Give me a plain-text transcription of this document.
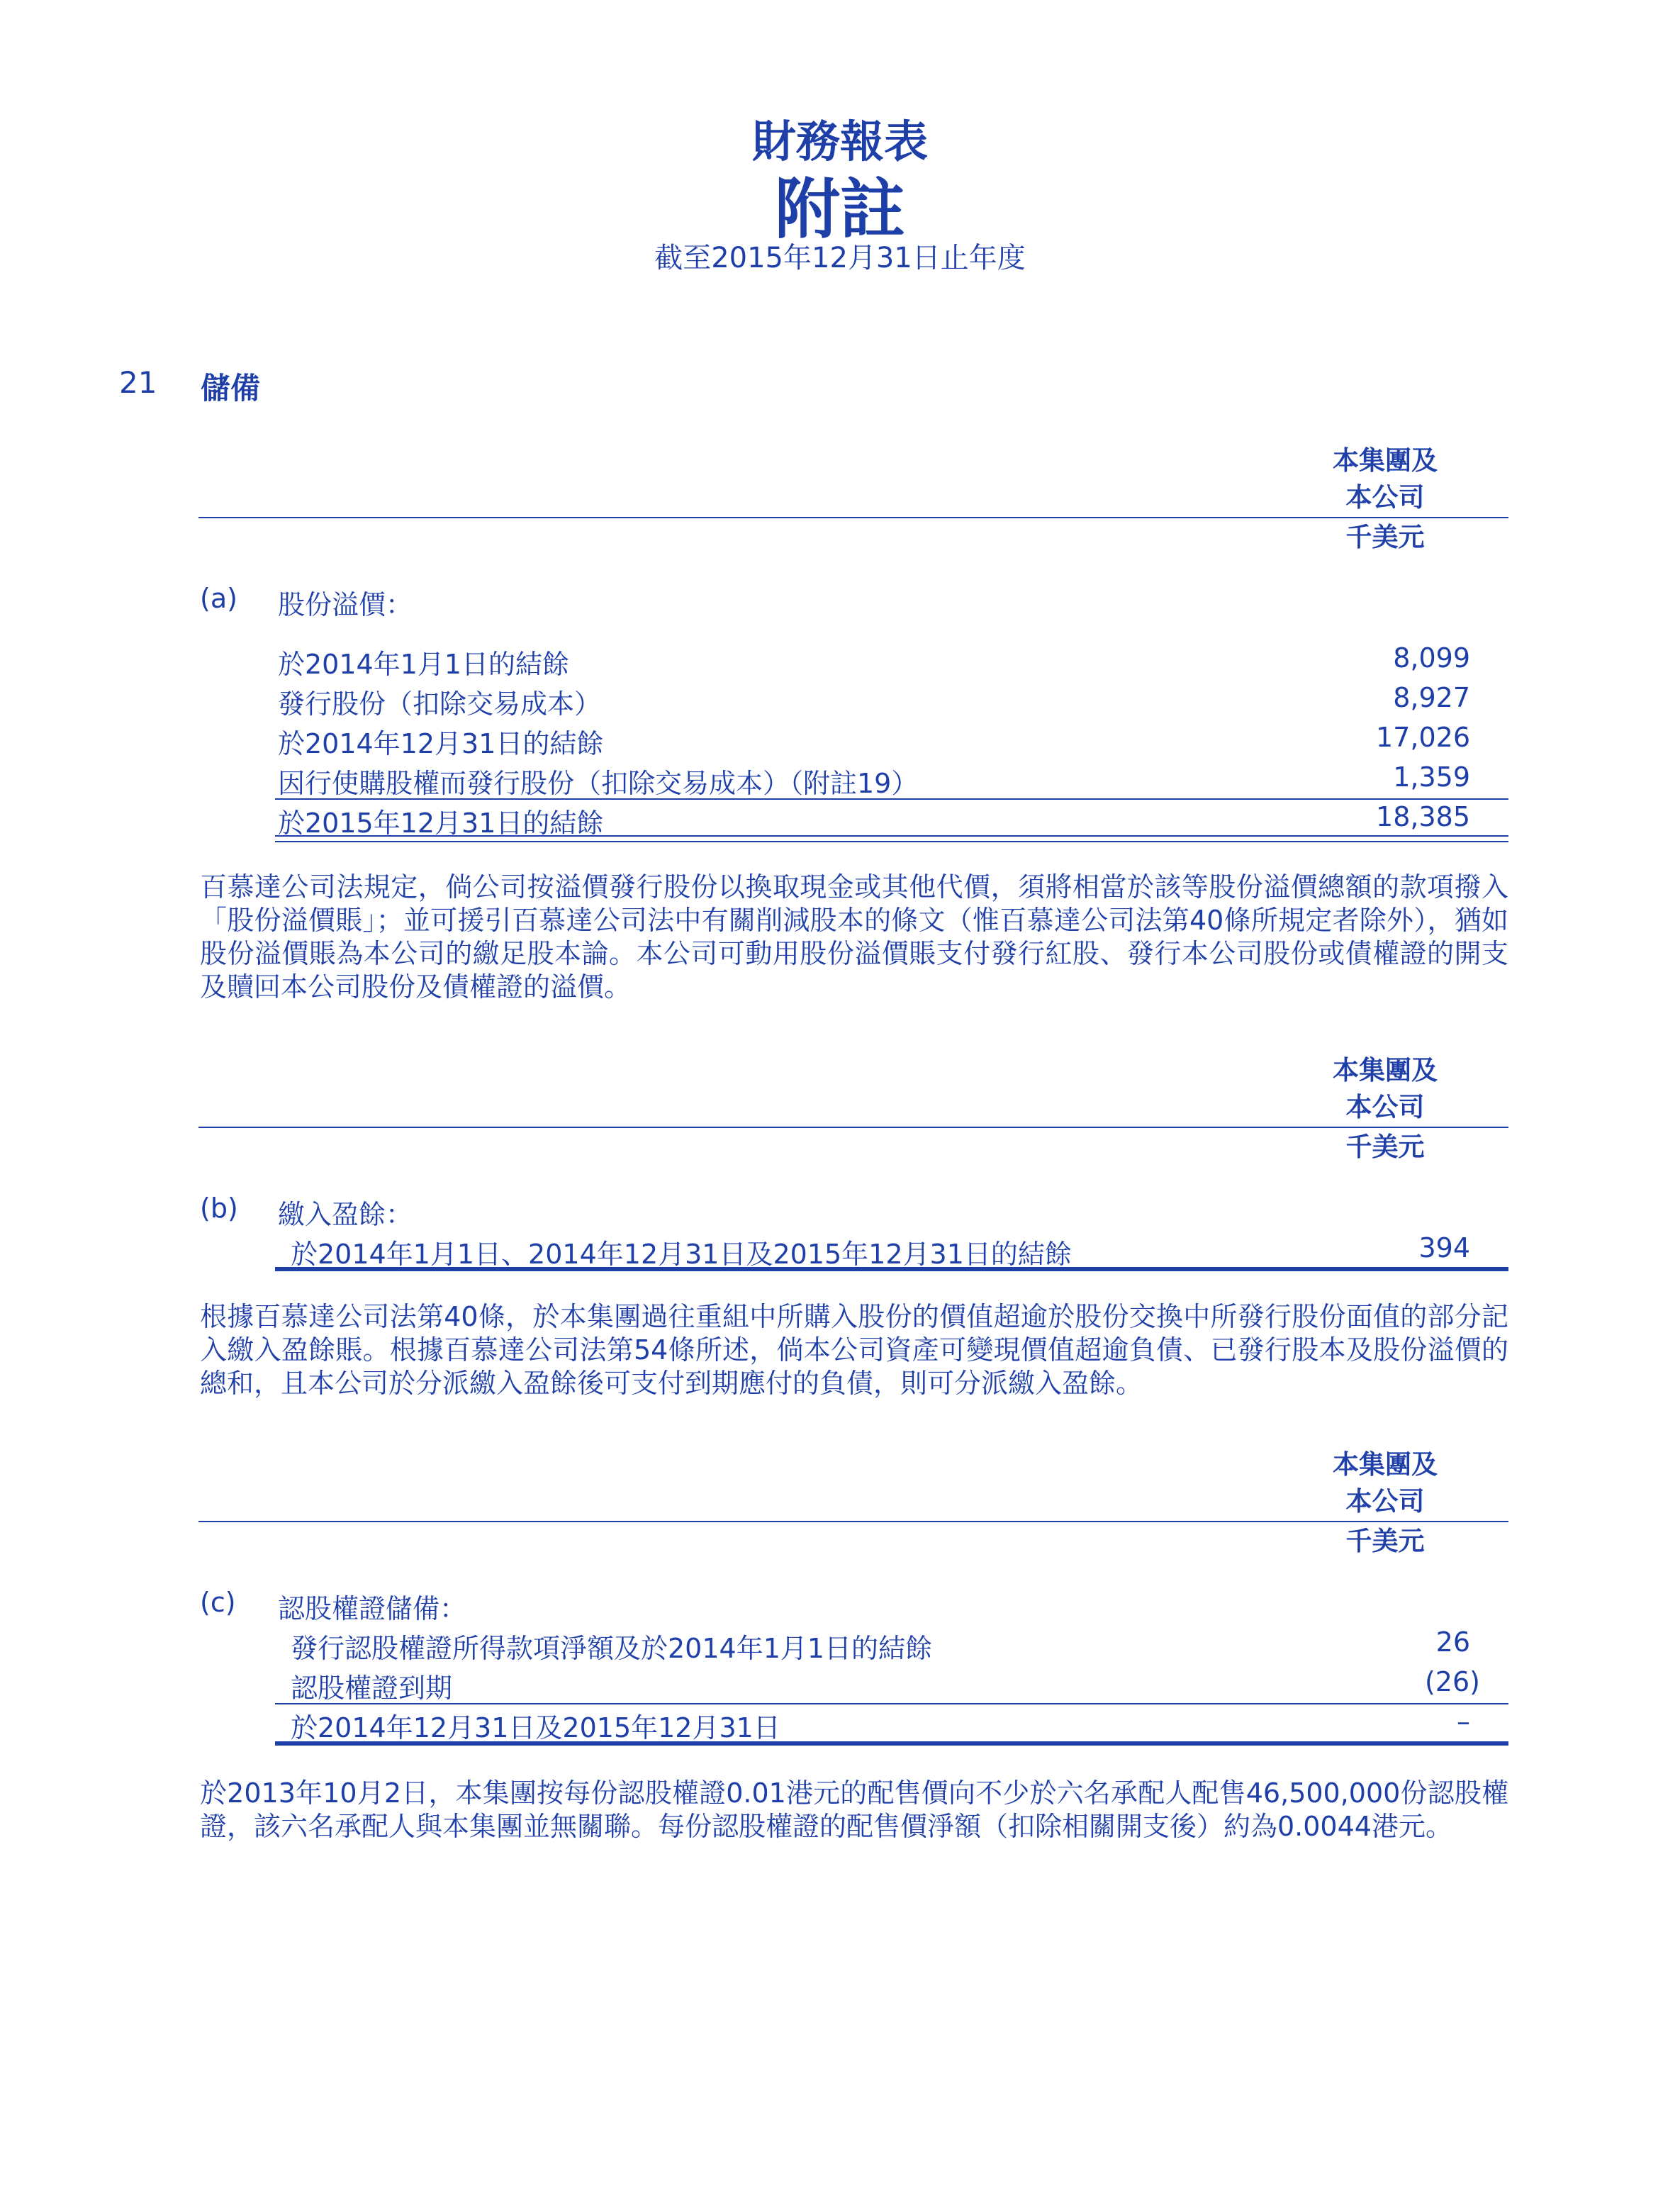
財務報表
附註
截至2015年12月31日止年度
21 儲備
本集團及
本公司
千美元
(a) 股份溢價：
於2014年1月1日的結餘	8,099
發行股份（扣除交易成本）	8,927
於2014年12月31日的結餘	17,026
因行使購股權而發行股份（扣除交易成本）（附註19）	1,359
於2015年12月31日的結餘	18,385
百慕達公司法規定，倘公司按溢價發行股份以換取現金或其他代價，須將相當於該等股份溢價總額的款項撥入「股份溢價賬」；並可援引百慕達公司法中有關削減股本的條文（惟百慕達公司法第40條所規定者除外），猶如股份溢價賬為本公司的繳足股本論。本公司可動用股份溢價賬支付發行紅股、發行本公司股份或債權證的開支及贖回本公司股份及債權證的溢價。
本集團及
本公司
千美元
(b) 繳入盈餘：
於2014年1月1日、2014年12月31日及2015年12月31日的結餘	394
根據百慕達公司法第40條，於本集團過往重組中所購入股份的價值超逾於股份交換中所發行股份面值的部分記入繳入盈餘賬。根據百慕達公司法第54條所述，倘本公司資產可變現價值超逾負債、已發行股本及股份溢價的總和，且本公司於分派繳入盈餘後可支付到期應付的負債，則可分派繳入盈餘。
本集團及
本公司
千美元
(c) 認股權證儲備：
發行認股權證所得款項淨額及於2014年1月1日的結餘	26
認股權證到期	(26)
於2014年12月31日及2015年12月31日	–
於2013年10月2日，本集團按每份認股權證0.01港元的配售價向不少於六名承配人配售46,500,000份認股權證，該六名承配人與本集團並無關聯。每份認股權證的配售價淨額（扣除相關開支後）約為0.0044港元。
